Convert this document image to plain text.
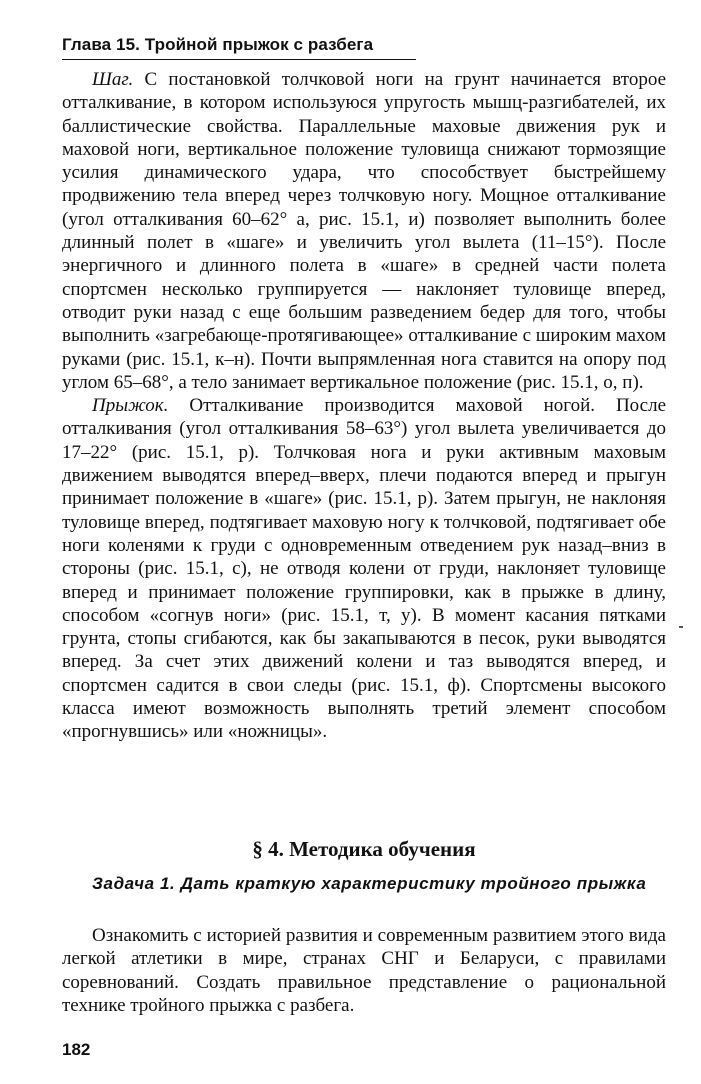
Глава 15. Тройной прыжок с разбега

Шаг. С постановкой толчковой ноги на грунт начинается второе отталкивание, в котором используюся упругость мышц-разгибателей, их баллистические свойства. Параллельные маховые движения рук и маховой ноги, вертикальное положение туловища снижают тормозящие усилия динамического удара, что способствует быстрейшему продвижению тела вперед через толчковую ногу. Мощное отталкивание (угол отталкивания 60–62° а, рис. 15.1, и) позволяет выполнить более длинный полет в «шаге» и увеличить угол вылета (11–15°). После энергичного и длинного полета в «шаге» в средней части полета спортсмен несколько группируется — наклоняет туловище вперед, отводит руки назад с еще большим разведением бедер для того, чтобы выполнить «загребающе-протягивающее» отталкивание с широким махом руками (рис. 15.1, к–н). Почти выпрямленная нога ставится на опору под углом 65–68°, а тело занимает вертикальное положение (рис. 15.1, о, п).

Прыжок. Отталкивание производится маховой ногой. После отталкивания (угол отталкивания 58–63°) угол вылета увеличивается до 17–22° (рис. 15.1, р). Толчковая нога и руки активным маховым движением выводятся вперед–вверх, плечи подаются вперед и прыгун принимает положение в «шаге» (рис. 15.1, р). Затем прыгун, не наклоняя туловище вперед, подтягивает маховую ногу к толчковой, подтягивает обе ноги коленями к груди с одновременным отведением рук назад–вниз в стороны (рис. 15.1, с), не отводя колени от груди, наклоняет туловище вперед и принимает положение группировки, как в прыжке в длину, способом «согнув ноги» (рис. 15.1, т, у). В момент касания пятками грунта, стопы сгибаются, как бы закапываются в песок, руки выводятся вперед. За счет этих движений колени и таз выводятся вперед, и спортсмен садится в свои следы (рис. 15.1, ф). Спортсмены высокого класса имеют возможность выполнять третий элемент способом «прогнувшись» или «ножницы».

§ 4. Методика обучения
Задача 1. Дать краткую характеристику тройного прыжка

Ознакомить с историей развития и современным развитием этого вида легкой атлетики в мире, странах СНГ и Беларуси, с правилами соревнований. Создать правильное представление о рациональной технике тройного прыжка с разбега.

182
